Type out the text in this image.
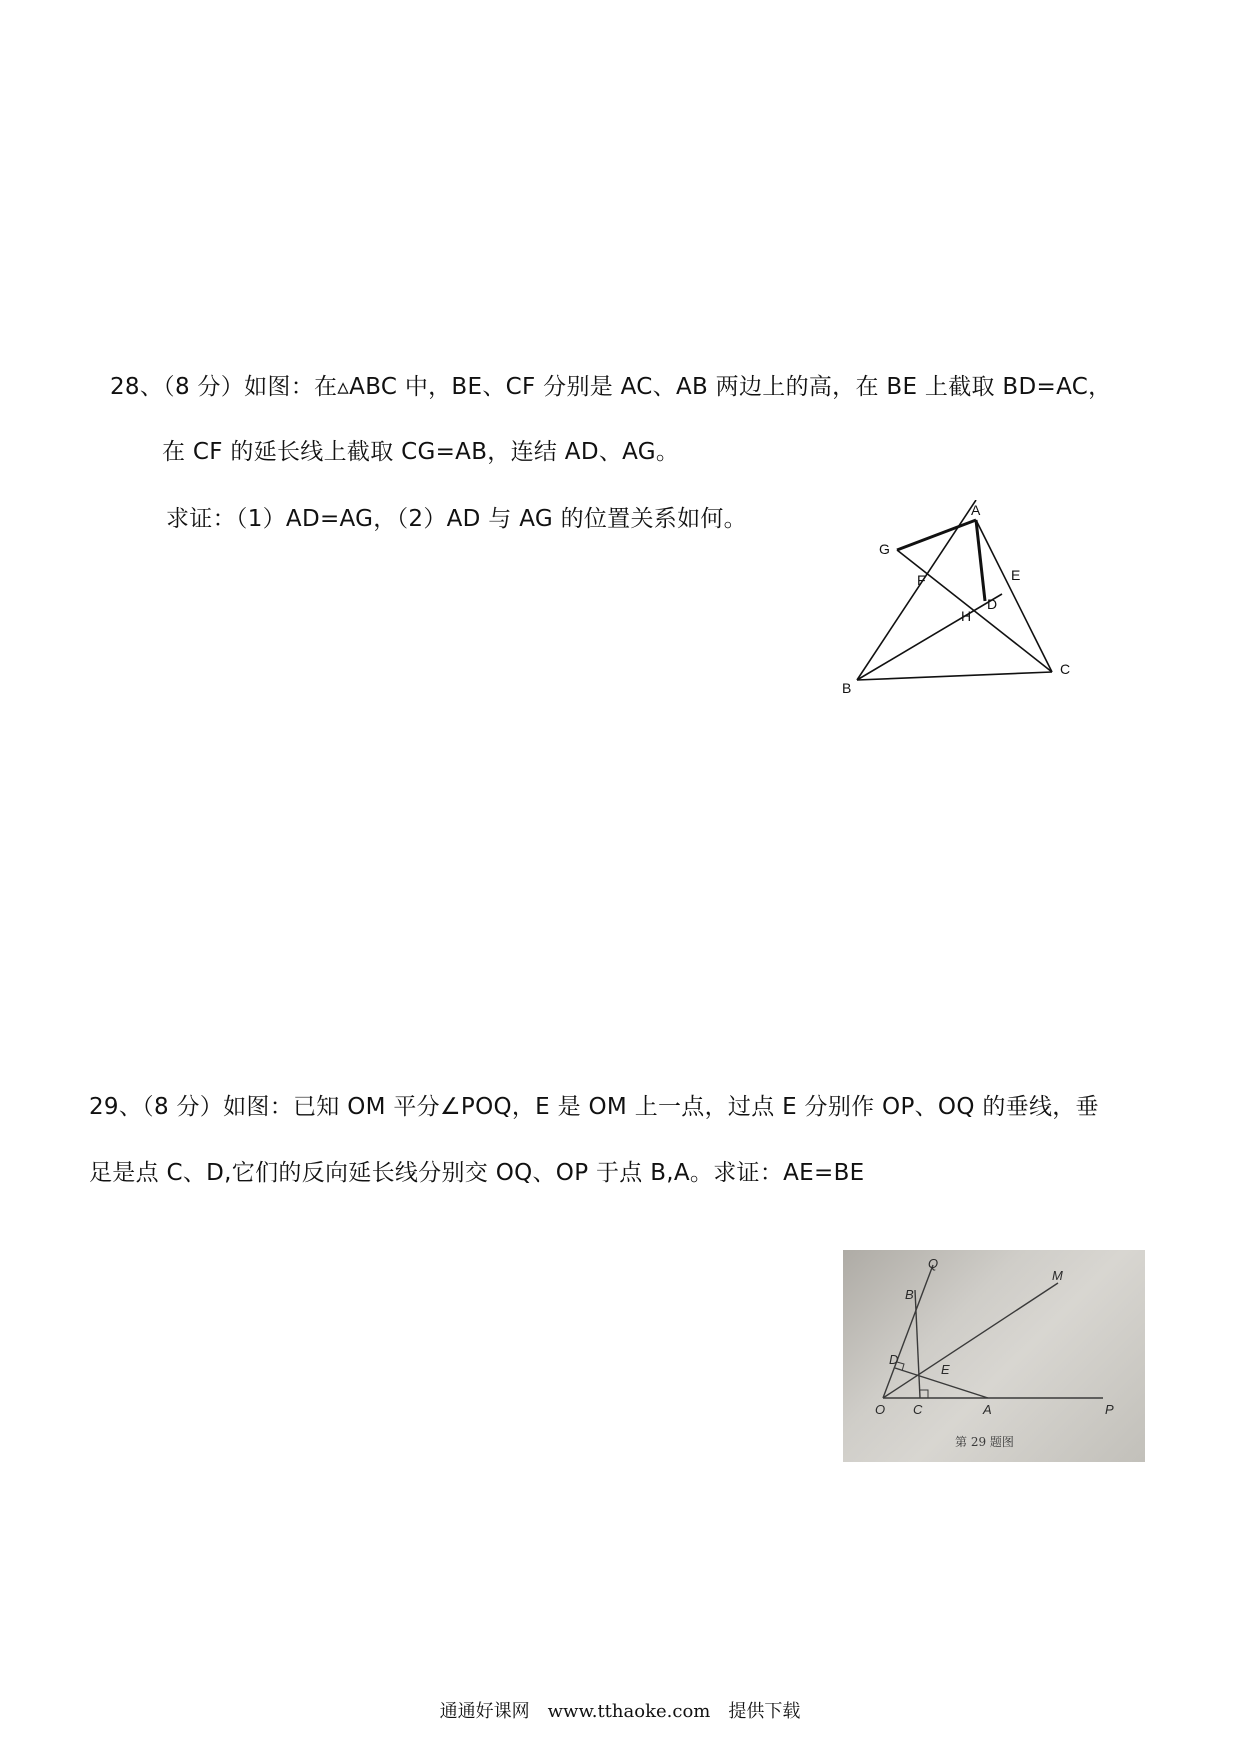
28、（8 分）如图：在▵ABC 中，BE、CF 分别是 AC、AB 两边上的高，在 BE 上截取 BD=AC，
在 CF 的延长线上截取 CG=AB，连结 AD、AG。
求证：（1）AD=AG，（2）AD 与 AG 的位置关系如何。	A
B
C
D
E
F
G
H
29、（8 分）如图：已知 OM 平分∠POQ，E 是 OM 上一点，过点 E 分别作 OP、OQ 的垂线，垂
足是点 C、D,它们的反向延长线分别交 OQ、OP 于点 B,A。求证：AE=BE
O C	A	P
Q
M
B
D
E
第 29 题图
通通好课网　www.tthaoke.com　提供下载
